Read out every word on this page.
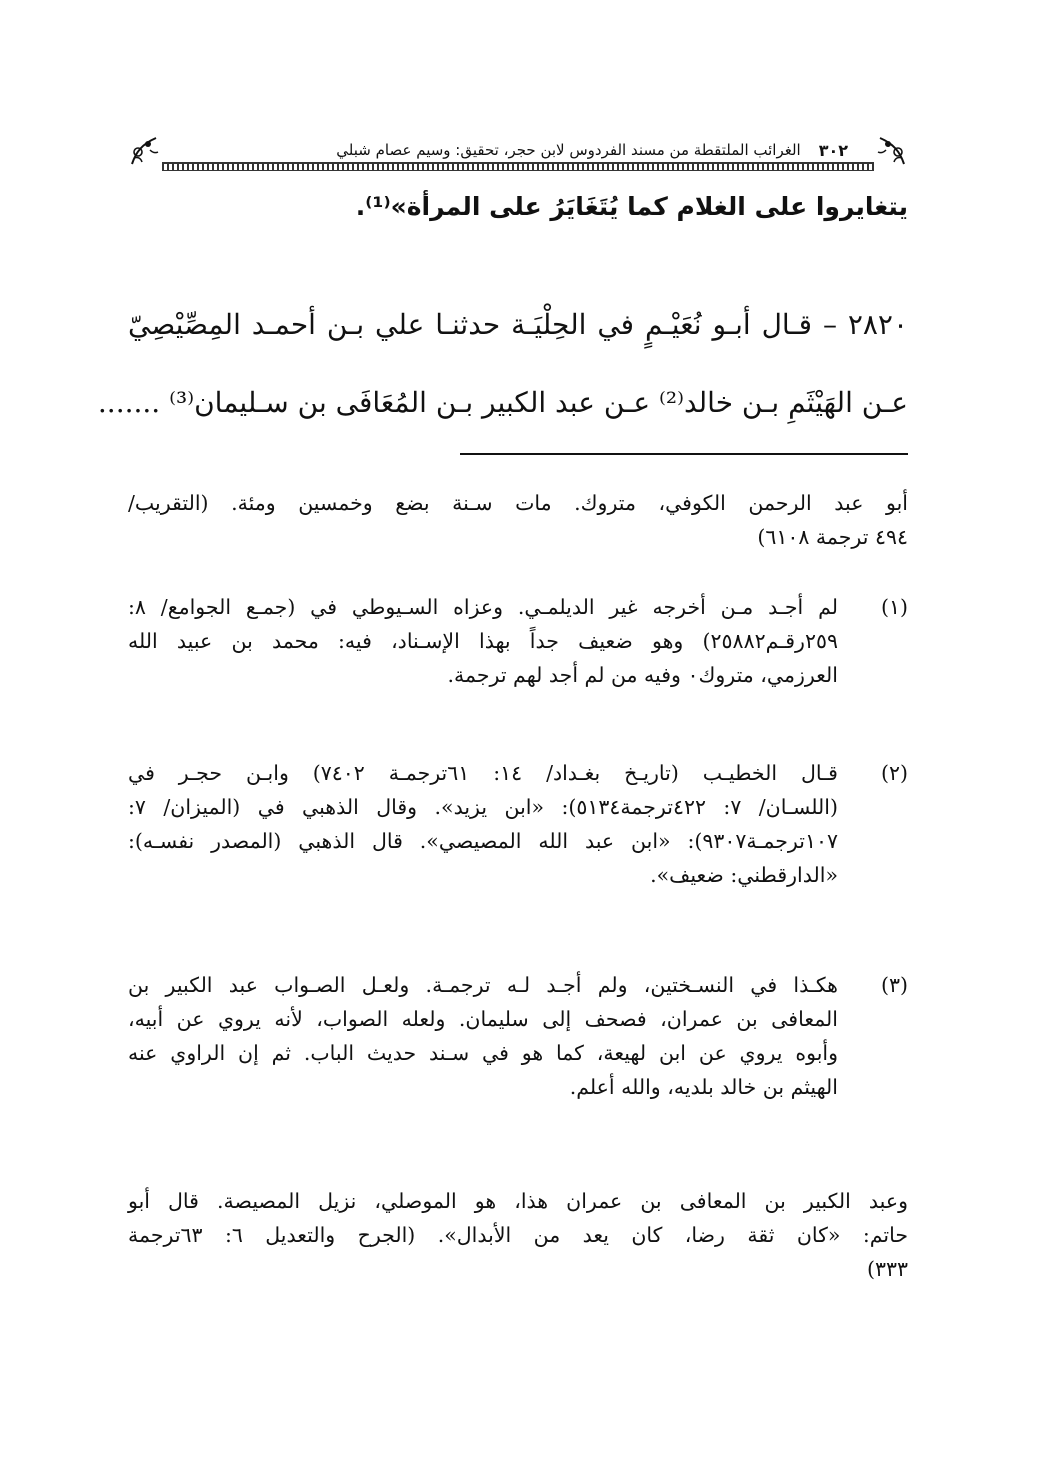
٣٠٢
الغرائب الملتقطة من مسند الفردوس لابن حجر، تحقيق: وسيم عصام شبلي
يتغايروا على الغلام كما يُتَغَايَرُ على المرأة»⁽¹⁾.
٢٨٢٠ – قـال أبـو نُعَيْـمٍ في الحِلْيَـة حدثنـا علي بـن أحمـد المِصِّيْصِيّ
عـن الهَيْثَمِ بـن خالد⁽²⁾ عـن عبد الكبير بـن المُعَافَى بن سـليمان⁽³⁾ .......
أبو عبد الرحمن الكوفي، متروك. مات سـنة بضع وخمسين ومئة. (التقريب/
٤٩٤ ترجمة ٦١٠٨)
(١)
لم أجـد مـن أخرجه غير الديلمـي. وعزاه السـيوطي في (جمـع الجوامع/ ٨:
٢٥٩رقـم٢٥٨٨٢) وهو ضعيف جداً بهذا الإسـناد، فيه: محمد بن عبيد الله
العرزمي، متروك٠ وفيه من لم أجد لهم ترجمة.
(٢)
قـال الخطيـب (تاريـخ بغـداد/ ١٤: ٦١ترجمـة ٧٤٠٢) وابـن حجـر في
(اللسـان/ ٧: ٤٢٢ترجمة٥١٣٤): «ابن يزيد». وقال الذهبي في (الميزان/ ٧:
١٠٧ترجمـة٩٣٠٧): «ابن عبد الله المصيصي». قال الذهبي (المصدر نفسـه):
«الدارقطني: ضعيف».
(٣)
هكـذا في النسـختين، ولم أجـد لـه ترجمـة. ولعـل الصـواب عبد الكبير بن
المعافى بن عمران، فصحف إلى سليمان. ولعله الصواب، لأنه يروي عن أبيه،
وأبوه يروي عن ابن لهيعة، كما هو في سـند حديث الباب. ثم إن الراوي عنه
الهيثم بن خالد بلديه، والله أعلم.
وعبد الكبير بن المعافى بن عمران هذا، هو الموصلي، نزيل المصيصة. قال أبو
حاتم: «كان ثقة رضا، كان يعد من الأبدال». (الجرح والتعديل ٦: ٦٣ترجمة
٣٣٣)
